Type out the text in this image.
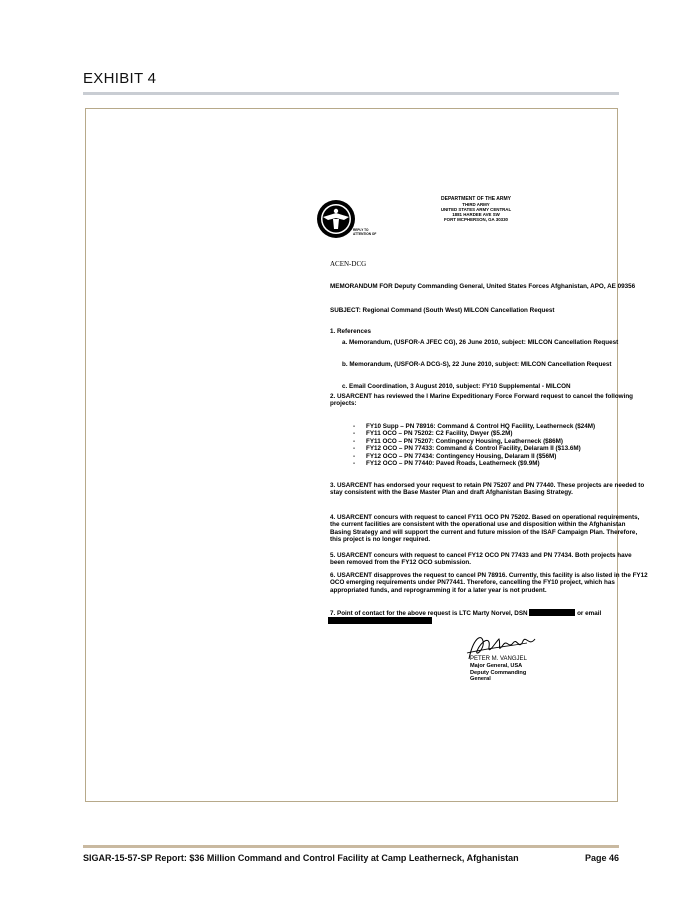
EXHIBIT 4
REPLY TO
ATTENTION OF
DEPARTMENT OF THE ARMY
THIRD ARMY
UNITED STATES ARMY CENTRAL
1881 HARDEE AVE SW
FORT MCPHERSON, GA 30330
ACEN-DCG
MEMORANDUM FOR Deputy Commanding General, United States Forces Afghanistan, APO, AE 09356
SUBJECT: Regional Command (South West) MILCON Cancellation Request
1. References
a. Memorandum, (USFOR-A JFEC CG), 26 June 2010, subject: MILCON Cancellation Request
b. Memorandum, (USFOR-A DCG-S), 22 June 2010, subject: MILCON Cancellation Request
c. Email Coordination, 3 August 2010, subject: FY10 Supplemental - MILCON
2. USARCENT has reviewed the I Marine Expeditionary Force Forward request to cancel the following projects:
- FY10 Supp – PN 78916: Command & Control HQ Facility, Leatherneck ($24M)
- FY11 OCO – PN 75202: C2 Facility, Dwyer ($5.2M)
- FY11 OCO – PN 75207: Contingency Housing, Leatherneck ($86M)
- FY12 OCO – PN 77433: Command & Control Facility, Delaram II ($13.6M)
- FY12 OCO – PN 77434: Contingency Housing, Delaram II ($56M)
- FY12 OCO – PN 77440: Paved Roads, Leatherneck ($9.9M)
3. USARCENT has endorsed your request to retain PN 75207 and PN 77440. These projects are needed to stay consistent with the Base Master Plan and draft Afghanistan Basing Strategy.
4. USARCENT concurs with request to cancel FY11 OCO PN 75202. Based on operational requirements, the current facilities are consistent with the operational use and disposition within the Afghanistan Basing Strategy and will support the current and future mission of the ISAF Campaign Plan. Therefore, this project is no longer required.
5. USARCENT concurs with request to cancel FY12 OCO PN 77433 and PN 77434. Both projects have been removed from the FY12 OCO submission.
6. USARCENT disapproves the request to cancel PN 78916. Currently, this facility is also listed in the FY12 OCO emerging requirements under PN77441. Therefore, cancelling the FY10 project, which has appropriated funds, and reprogramming it for a later year is not prudent.
7. Point of contact for the above request is LTC Marty Norvel, DSN	or email

PETER M. VANGJEL
Major General, USA
Deputy Commanding General
SIGAR-15-57-SP Report: $36 Million Command and Control Facility at Camp Leatherneck, Afghanistan	Page 46
